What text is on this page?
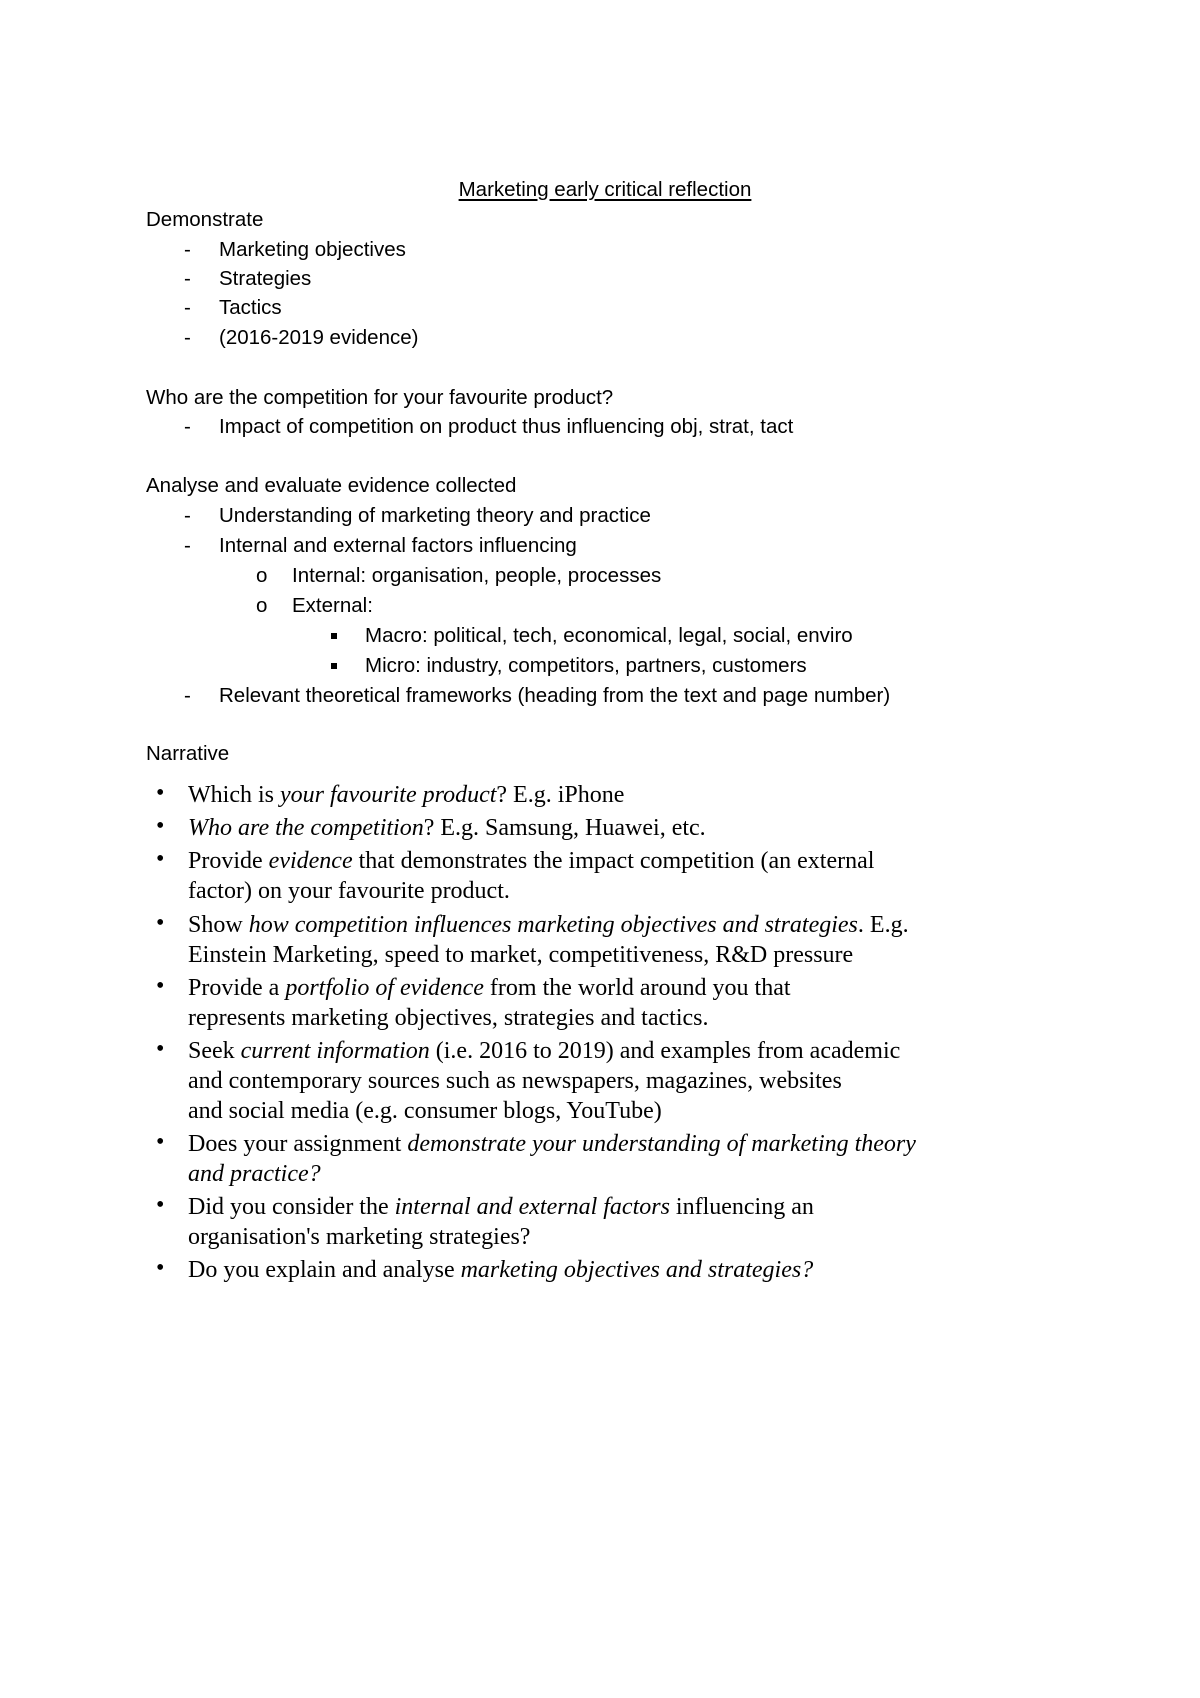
Marketing early critical reflection
Demonstrate
- Marketing objectives
- Strategies
- Tactics
- (2016-2019 evidence)
Who are the competition for your favourite product?
- Impact of competition on product thus influencing obj, strat, tact
Analyse and evaluate evidence collected
- Understanding of marketing theory and practice
- Internal and external factors influencing
o Internal: organisation, people, processes
o External:
Macro: political, tech, economical, legal, social, enviro
Micro: industry, competitors, partners, customers
- Relevant theoretical frameworks (heading from the text and page number)
Narrative
• Which is your favourite product? E.g. iPhone
• Who are the competition? E.g. Samsung, Huawei, etc.
• Provide evidence that demonstrates the impact competition (an external
factor) on your favourite product.
• Show how competition influences marketing objectives and strategies. E.g.
Einstein Marketing, speed to market, competitiveness, R&D pressure
• Provide a portfolio of evidence from the world around you that
represents marketing objectives, strategies and tactics.
• Seek current information (i.e. 2016 to 2019) and examples from academic
and contemporary sources such as newspapers, magazines, websites
and social media (e.g. consumer blogs, YouTube)
• Does your assignment demonstrate your understanding of marketing theory
and practice?
• Did you consider the internal and external factors influencing an
organisation's marketing strategies?
• Do you explain and analyse marketing objectives and strategies?
